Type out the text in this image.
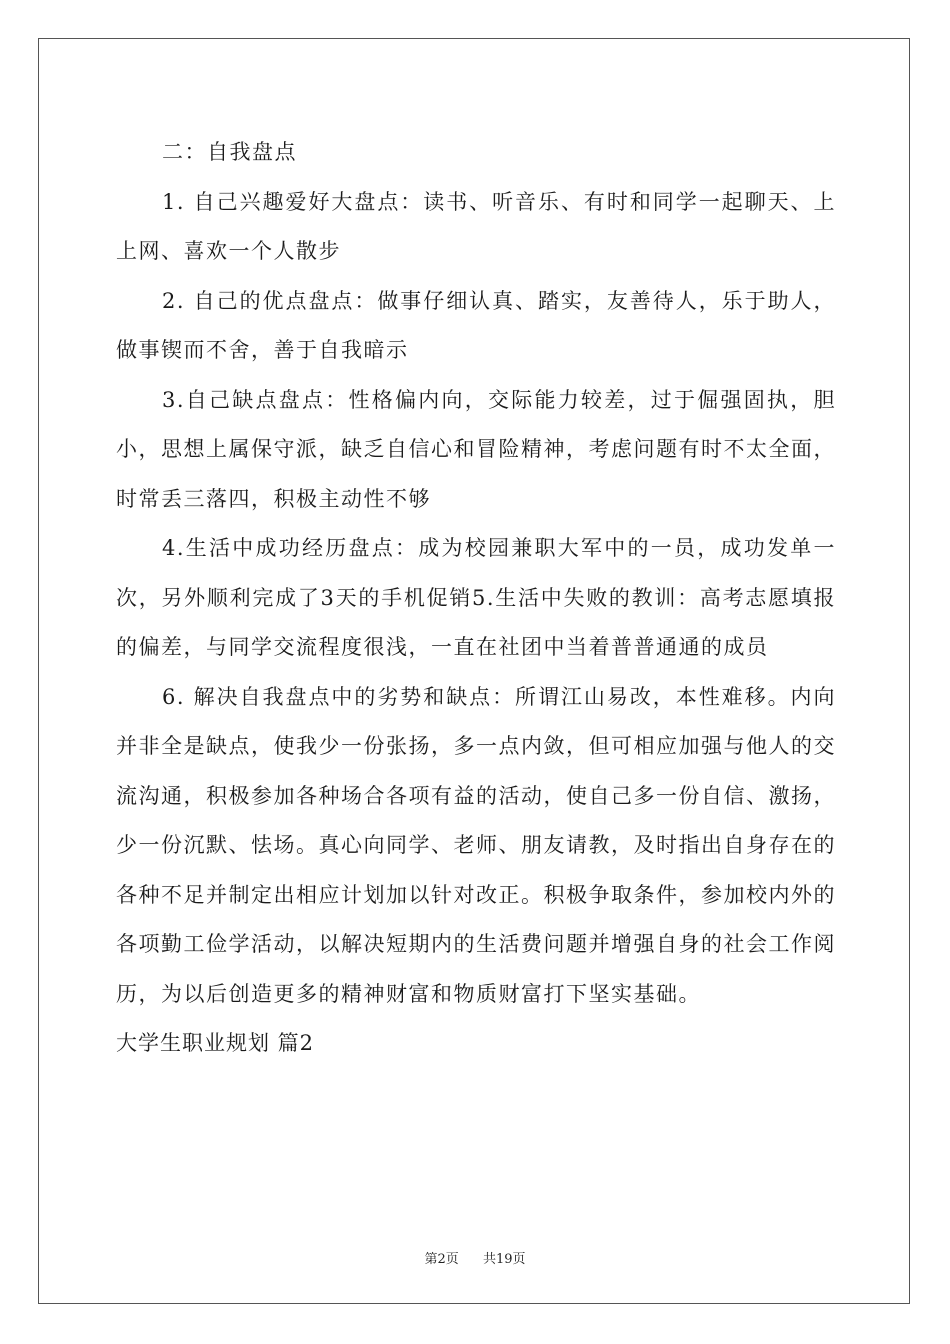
二：自我盘点

1. 自己兴趣爱好大盘点：读书、听音乐、有时和同学一起聊天、上上网、喜欢一个人散步

2. 自己的优点盘点：做事仔细认真、踏实，友善待人，乐于助人，做事锲而不舍，善于自我暗示

3.自己缺点盘点：性格偏内向，交际能力较差，过于倔强固执，胆小，思想上属保守派，缺乏自信心和冒险精神，考虑问题有时不太全面，时常丢三落四，积极主动性不够

4.生活中成功经历盘点：成为校园兼职大军中的一员，成功发单一次，另外顺利完成了3天的手机促销5.生活中失败的教训：高考志愿填报的偏差，与同学交流程度很浅，一直在社团中当着普普通通的成员

6. 解决自我盘点中的劣势和缺点：所谓江山易改，本性难移。内向并非全是缺点，使我少一份张扬，多一点内敛，但可相应加强与他人的交流沟通，积极参加各种场合各项有益的活动，使自己多一份自信、激扬，少一份沉默、怯场。真心向同学、老师、朋友请教，及时指出自身存在的各种不足并制定出相应计划加以针对改正。积极争取条件，参加校内外的各项勤工俭学活动，以解决短期内的生活费问题并增强自身的社会工作阅历，为以后创造更多的精神财富和物质财富打下坚实基础。

大学生职业规划 篇2

第2页 共19页
